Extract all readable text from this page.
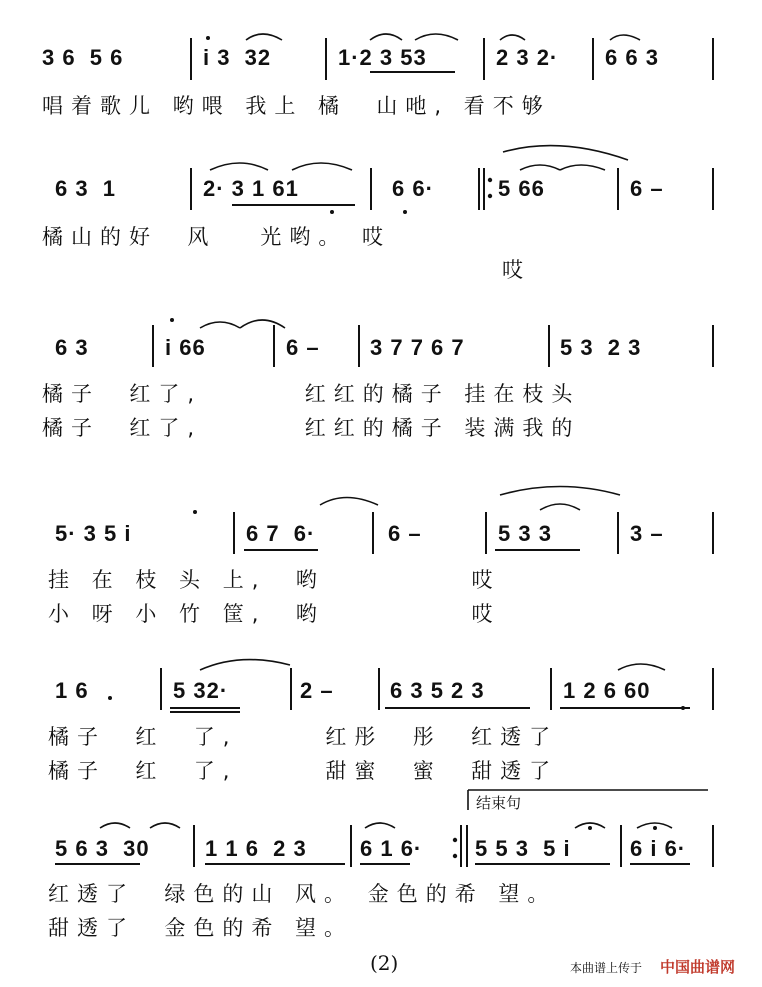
3 6  5 6	i 3  32	1·2 3 53	2 3 2· 6 6 3
唱着歌儿 哟喂 我上 橘  山吔, 看不够
6 3  1	2· 3 1 61	6 6·	5 66	6 –
橘山的好  风   光哟。 哎
哎
6 3	i 66	6 – 3 7 7 6 7	5 3  2 3
橘子  红了,       红红的橘子 挂在枝头
橘子  红了,       红红的橘子 装满我的
5· 3 5 i	6 7  6·	6 –	5 3 3	3 –
挂 在 枝 头 上,  哟          哎
小 呀 小 竹 筐,  哟          哎
1 6	5 32·	2 –	6 3 5 2 3	1 2 6 60
橘子  红  了,      红彤  彤  红透了
橘子  红  了,      甜蜜  蜜  甜透了
结束句
5 6 3  30	1 1 6  2 3 6 1 6· 5 5 3  5 i	6 i 6·
红透了  绿色的山 风。 金色的希 望。
甜透了  金色的希 望。
(2)	本曲谱上传于 中国曲谱网
